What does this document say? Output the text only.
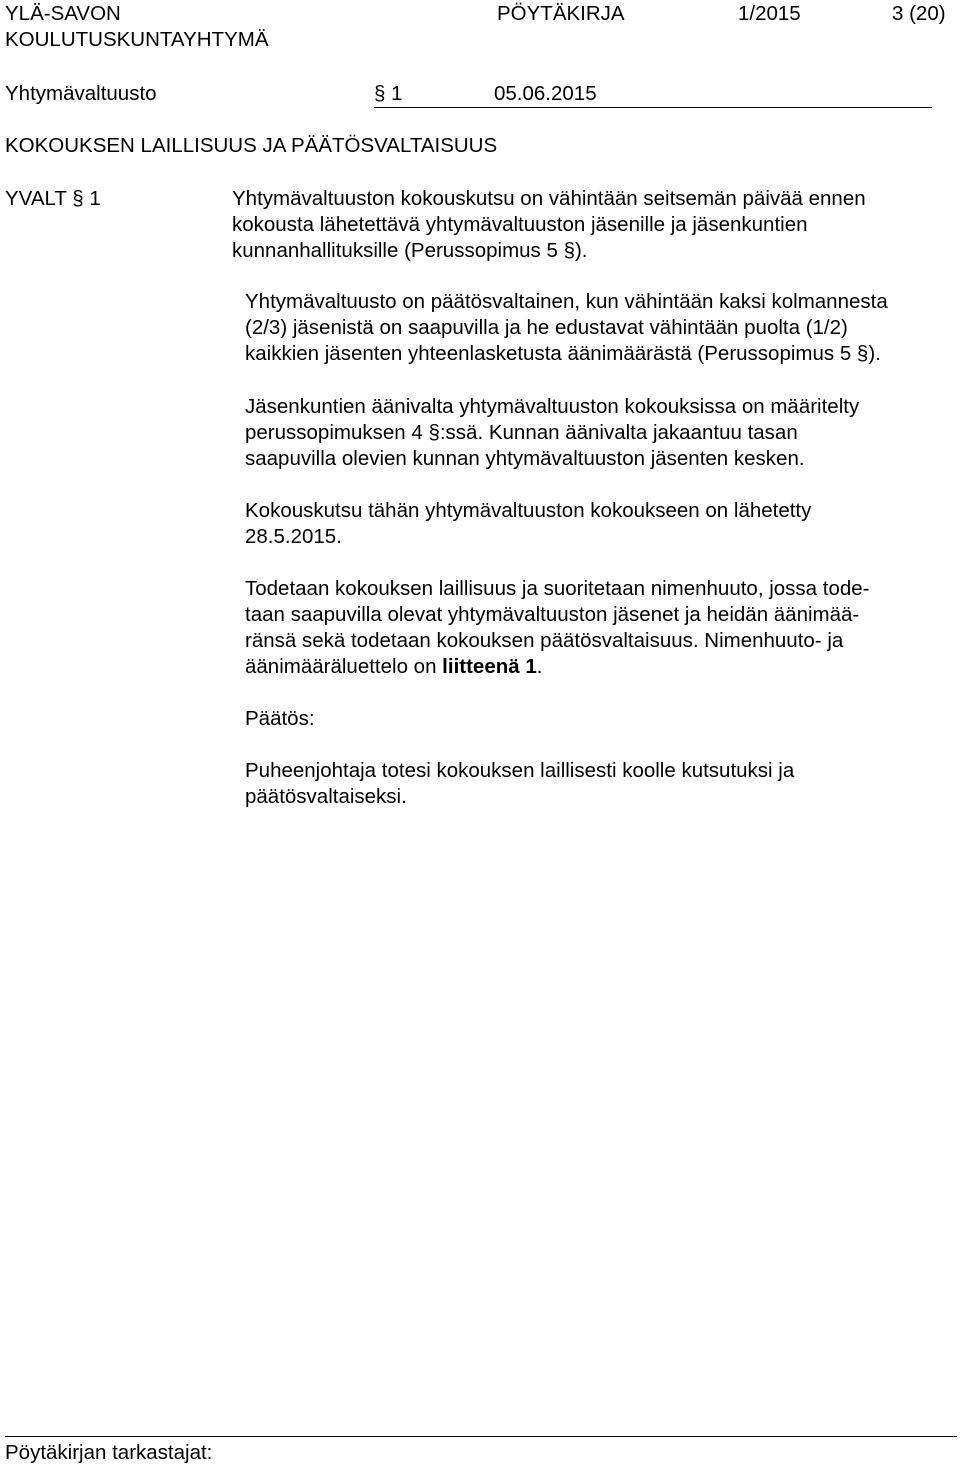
YLÄ-SAVON
KOULUTUSKUNTAYHTYMÄ
PÖYTÄKIRJA	1/2015	3 (20)
Yhtymävaltuusto	§ 1	05.06.2015
KOKOUKSEN LAILLISUUS JA PÄÄTÖSVALTAISUUS
YVALT § 1	Yhtymävaltuuston kokouskutsu on vähintään seitsemän päivää ennen

kokousta lähetettävä yhtymävaltuuston jäsenille ja jäsenkuntien

kunnanhallituksille (Perussopimus 5 §).

Yhtymävaltuusto on päätösvaltainen, kun vähintään kaksi kolmannesta

(2/3) jäsenistä on saapuvilla ja he edustavat vähintään puolta (1/2)

kaikkien jäsenten yhteenlasketusta äänimäärästä (Perussopimus 5 §).

Jäsenkuntien äänivalta yhtymävaltuuston kokouksissa on määritelty

perussopimuksen 4 §:ssä. Kunnan äänivalta jakaantuu tasan

saapuvilla olevien kunnan yhtymävaltuuston jäsenten kesken.

Kokouskutsu tähän yhtymävaltuuston kokoukseen on lähetetty

28.5.2015.

Todetaan kokouksen laillisuus ja suoritetaan nimenhuuto, jossa tode-

taan saapuvilla olevat yhtymävaltuuston jäsenet ja heidän äänimää-

ränsä sekä todetaan kokouksen päätösvaltaisuus. Nimenhuuto- ja

äänimääräluettelo on liitteenä 1.

Päätös:

Puheenjohtaja totesi kokouksen laillisesti koolle kutsutuksi ja

päätösvaltaiseksi.

Pöytäkirjan tarkastajat:
